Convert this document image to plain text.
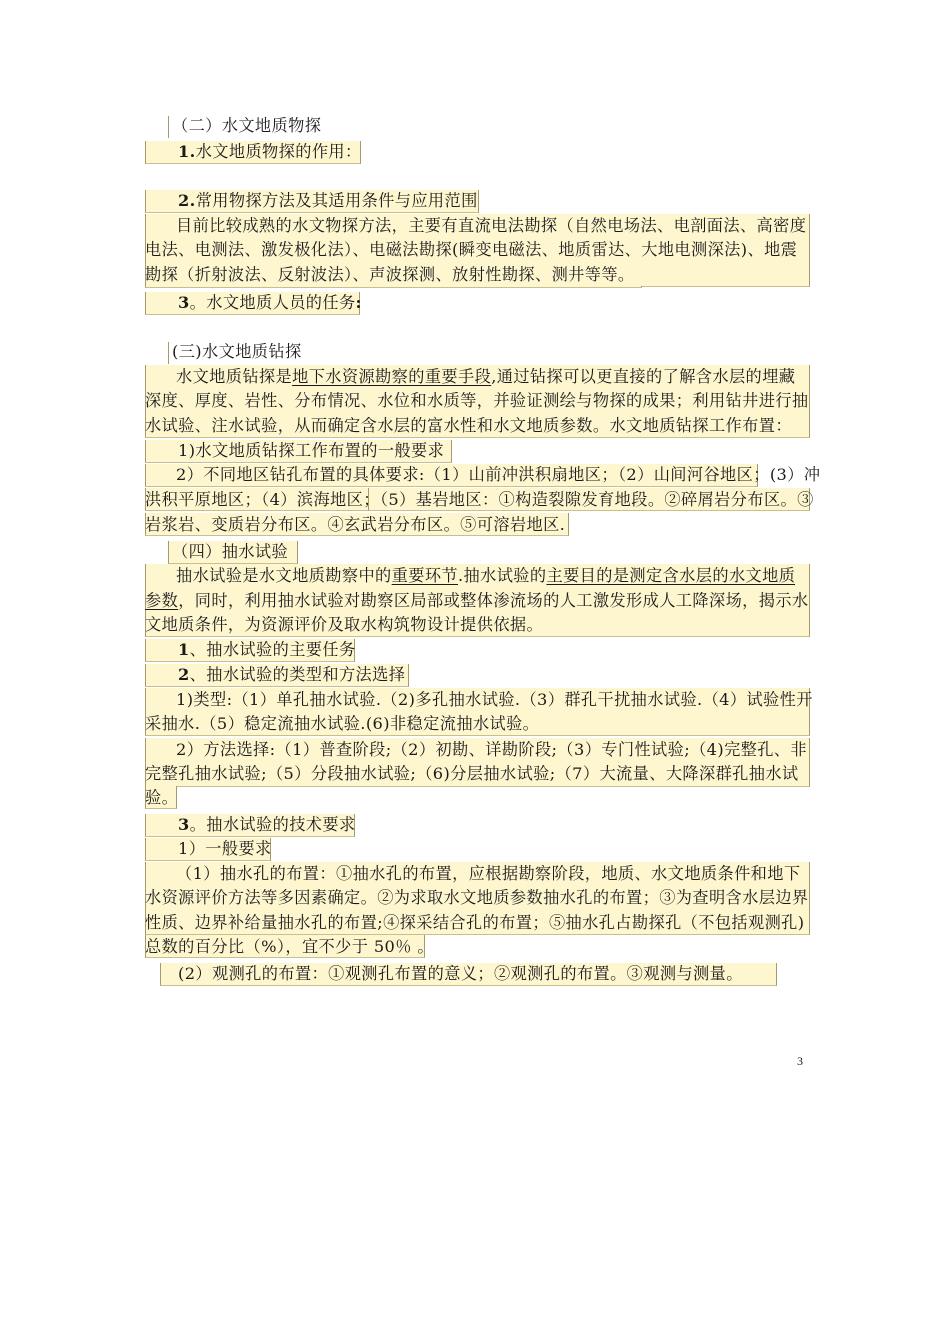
（二）水文地质物探
1.水文地质物探的作用：
2.常用物探方法及其适用条件与应用范围
目前比较成熟的水文物探方法，主要有直流电法勘探（自然电场法、电剖面法、高密度
电法、电测法、激发极化法）、电磁法勘探(瞬变电磁法、地质雷达、大地电测深法)、地震
勘探（折射波法、反射波法）、声波探测、放射性勘探、测井等等。
3。水文地质人员的任务:
(三)水文地质钻探
水文地质钻探是地下水资源勘察的重要手段,通过钻探可以更直接的了解含水层的埋藏
深度、厚度、岩性、分布情况、水位和水质等，并验证测绘与物探的成果；利用钻井进行抽
水试验、注水试验，从而确定含水层的富水性和水文地质参数。水文地质钻探工作布置：
1)水文地质钻探工作布置的一般要求
2）不同地区钻孔布置的具体要求:（1）山前冲洪积扇地区；（2）山间河谷地区；(3）冲
洪积平原地区；（4）滨海地区；（5）基岩地区：①构造裂隙发育地段。②碎屑岩分布区。③
岩浆岩、变质岩分布区。④玄武岩分布区。⑤可溶岩地区.
（四）抽水试验
抽水试验是水文地质勘察中的重要环节.抽水试验的主要目的是测定含水层的水文地质
参数，同时，利用抽水试验对勘察区局部或整体渗流场的人工激发形成人工降深场，揭示水
文地质条件，为资源评价及取水构筑物设计提供依据。
1、抽水试验的主要任务
2、抽水试验的类型和方法选择
1)类型:（1）单孔抽水试验.（2)多孔抽水试验.（3）群孔干扰抽水试验.（4）试验性开
采抽水.（5）稳定流抽水试验.(6)非稳定流抽水试验。
2）方法选择:（1）普查阶段;（2）初勘、详勘阶段;（3）专门性试验;（4)完整孔、非
完整孔抽水试验;（5）分段抽水试验;（6)分层抽水试验;（7）大流量、大降深群孔抽水试
验。
3。抽水试验的技术要求
1）一般要求
（1）抽水孔的布置：①抽水孔的布置，应根据勘察阶段，地质、水文地质条件和地下
水资源评价方法等多因素确定。②为求取水文地质参数抽水孔的布置；③为查明含水层边界
性质、边界补给量抽水孔的布置;④探采结合孔的布置；⑤抽水孔占勘探孔（不包括观测孔)
总数的百分比（%），宜不少于 50％ 。
(2）观测孔的布置：①观测孔布置的意义；②观测孔的布置。③观测与测量。
3
